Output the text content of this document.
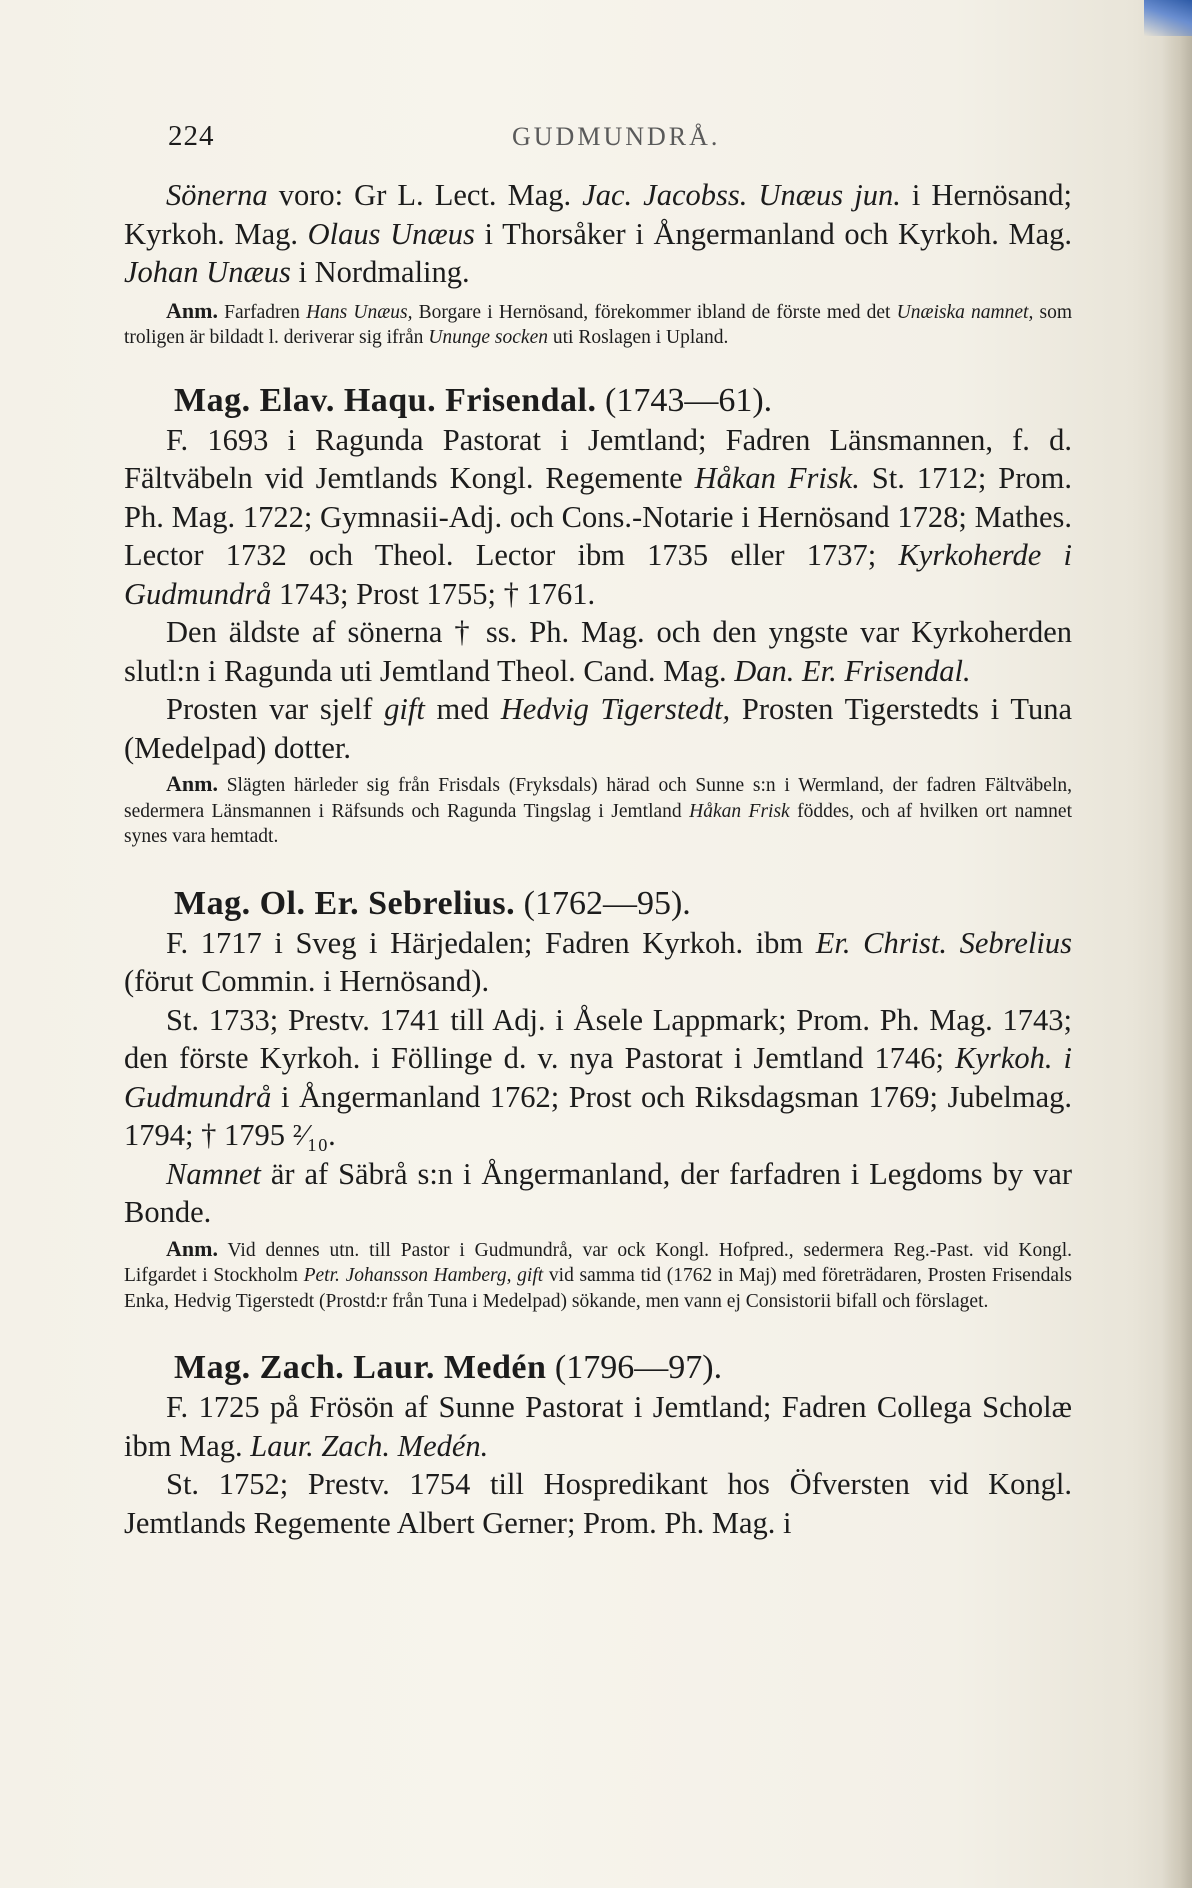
224	GUDMUNDRÅ.

Sönerna voro: Gr L. Lect. Mag. Jac. Jacobss. Unæus jun. i Hernösand; Kyrkoh. Mag. Olaus Unæus i Thorsåker i Ångermanland och Kyrkoh. Mag. Johan Unæus i Nordmaling.

Anm. Farfadren Hans Unæus, Borgare i Hernösand, förekommer ibland de förste med det Unæiska namnet, som troligen är bildadt l. deriverar sig ifrån Ununge socken uti Roslagen i Upland.

Mag. Elav. Haqu. Frisendal. (1743—61).

F. 1693 i Ragunda Pastorat i Jemtland; Fadren Länsmannen, f. d. Fältväbeln vid Jemtlands Kongl. Regemente Håkan Frisk. St. 1712; Prom. Ph. Mag. 1722; Gymnasii-Adj. och Cons.-Notarie i Hernösand 1728; Mathes. Lector 1732 och Theol. Lector ibm 1735 eller 1737; Kyrkoherde i Gudmundrå 1743; Prost 1755; † 1761.

Den äldste af sönerna † ss. Ph. Mag. och den yngste var Kyrkoherden slutl:n i Ragunda uti Jemtland Theol. Cand. Mag. Dan. Er. Frisendal.

Prosten var sjelf gift med Hedvig Tigerstedt, Prosten Tigerstedts i Tuna (Medelpad) dotter.

Anm. Slägten härleder sig från Frisdals (Fryksdals) härad och Sunne s:n i Wermland, der fadren Fältväbeln, sedermera Länsmannen i Räfsunds och Ragunda Tingslag i Jemtland Håkan Frisk föddes, och af hvilken ort namnet synes vara hemtadt.

Mag. Ol. Er. Sebrelius. (1762—95).

F. 1717 i Sveg i Härjedalen; Fadren Kyrkoh. ibm Er. Christ. Sebrelius (förut Commin. i Hernösand).

St. 1733; Prestv. 1741 till Adj. i Åsele Lappmark; Prom. Ph. Mag. 1743; den förste Kyrkoh. i Föllinge d. v. nya Pastorat i Jemtland 1746; Kyrkoh. i Gudmundrå i Ångermanland 1762; Prost och Riksdagsman 1769; Jubelmag. 1794; † 1795 ²⁄₁₀.

Namnet är af Säbrå s:n i Ångermanland, der farfadren i Legdoms by var Bonde.

Anm. Vid dennes utn. till Pastor i Gudmundrå, var ock Kongl. Hofpred., sedermera Reg.-Past. vid Kongl. Lifgardet i Stockholm Petr. Johansson Hamberg, gift vid samma tid (1762 in Maj) med företrädaren, Prosten Frisendals Enka, Hedvig Tigerstedt (Prostd:r från Tuna i Medelpad) sökande, men vann ej Consistorii bifall och förslaget.

Mag. Zach. Laur. Medén (1796—97).

F. 1725 på Frösön af Sunne Pastorat i Jemtland; Fadren Collega Scholæ ibm Mag. Laur. Zach. Medén.

St. 1752; Prestv. 1754 till Hospredikant hos Öfversten vid Kongl. Jemtlands Regemente Albert Gerner; Prom. Ph. Mag. i
